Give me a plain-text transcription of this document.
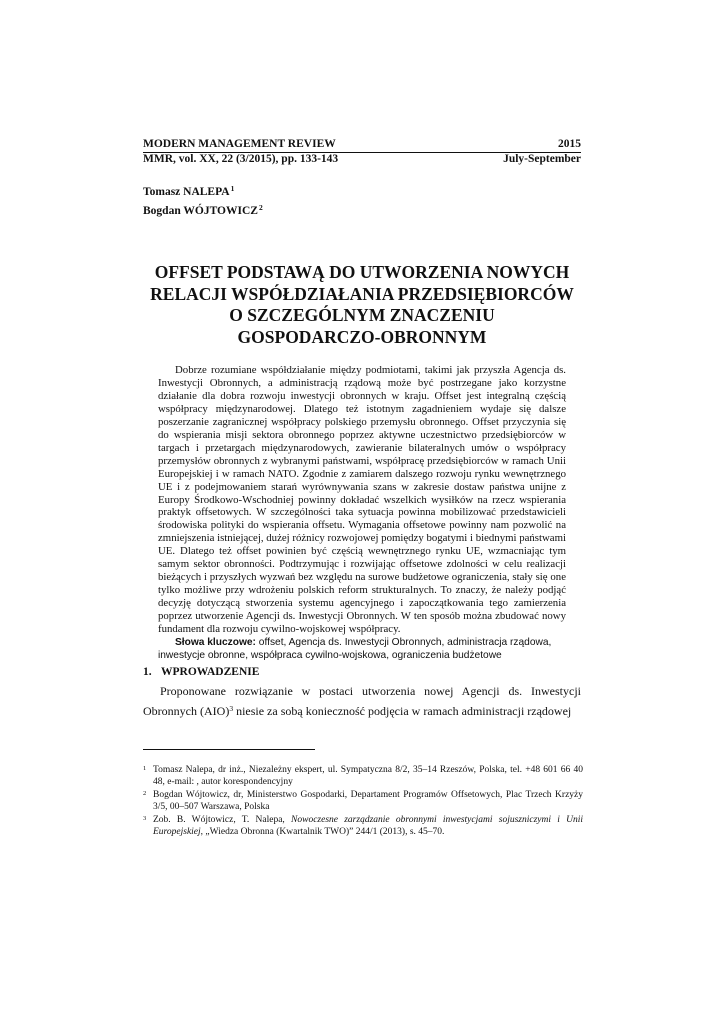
MODERN MANAGEMENT REVIEW	2015
MMR, vol. XX, 22 (3/2015), pp. 133-143	July-September
Tomasz NALEPA$^1$
Bogdan WÓJTOWICZ$^2$
OFFSET PODSTAWĄ DO UTWORZENIA NOWYCH
RELACJI WSPÓŁDZIAŁANIA PRZEDSIĘBIORCÓW
O SZCZEGÓLNYM ZNACZENIU
GOSPODARCZO-OBRONNYM

Dobrze rozumiane współdziałanie między podmiotami, takimi jak przyszła Agencja ds. Inwestycji Obronnych, a administracją rządową może być postrzegane jako korzystne działanie dla dobra rozwoju inwestycji obronnych w kraju. Offset jest integralną częścią współpracy międzynarodowej. Dlatego też istotnym zagadnieniem wydaje się dalsze poszerzanie zagranicznej współpracy polskiego przemysłu obronnego. Offset przyczynia się do wspierania misji sektora obronnego poprzez aktywne uczestnictwo przedsiębiorców w targach i przetargach międzynarodowych, zawieranie bilateralnych umów o współpracy przemysłów obronnych z wybranymi państwami, współpracę przedsiębiorców w ramach Unii Europejskiej i w ramach NATO. Zgodnie z zamiarem dalszego rozwoju rynku wewnętrznego UE i z podejmowaniem starań wyrównywania szans w zakresie dostaw państwa unijne z Europy Środkowo-Wschodniej powinny dokładać wszelkich wysiłków na rzecz wspierania praktyk offsetowych. W szczególności taka sytuacja powinna mobilizować przedstawicieli środowiska polityki do wspierania offsetu. Wymagania offsetowe powinny nam pozwolić na zmniejszenia istniejącej, dużej różnicy rozwojowej pomiędzy bogatymi i biednymi państwami UE. Dlatego też offset powinien być częścią wewnętrznego rynku UE, wzmacniając tym samym sektor obronności. Podtrzymując i rozwijając offsetowe zdolności w celu realizacji bieżących i przyszłych wyzwań bez względu na surowe budżetowe ograniczenia, stały się one tylko możliwe przy wdrożeniu polskich reform strukturalnych. To znaczy, że należy podjąć decyzję dotyczącą stworzenia systemu agencyjnego i zapoczątkowania tego zamierzenia poprzez utworzenie Agencji ds. Inwestycji Obronnych. W ten sposób można zbudować nowy fundament dla rozwoju cywilno-wojskowej współpracy.

Słowa kluczowe: offset, Agencja ds. Inwestycji Obronnych, administracja rządowa, inwestycje obronne, współpraca cywilno-wojskowa, ograniczenia budżetowe

1. WPROWADZENIE

Proponowane rozwiązanie w postaci utworzenia nowej Agencji ds. Inwestycji Obronnych (AIO)$^3$ niesie za sobą konieczność podjęcia w ramach administracji rządowej

1 Tomasz Nalepa, dr inż., Niezależny ekspert, ul. Sympatyczna 8/2, 35–14 Rzeszów, Polska, tel. +48 601 66 40 48, e-mail: , autor korespondencyjny
2 Bogdan Wójtowicz, dr, Ministerstwo Gospodarki, Departament Programów Offsetowych, Plac Trzech Krzyży 3/5, 00–507 Warszawa, Polska
3 Zob. B. Wójtowicz, T. Nalepa, Nowoczesne zarządzanie obronnymi inwestycjami sojuszniczymi i Unii Europejskiej, „Wiedza Obronna (Kwartalnik TWO)” 244/1 (2013), s. 45–70.
